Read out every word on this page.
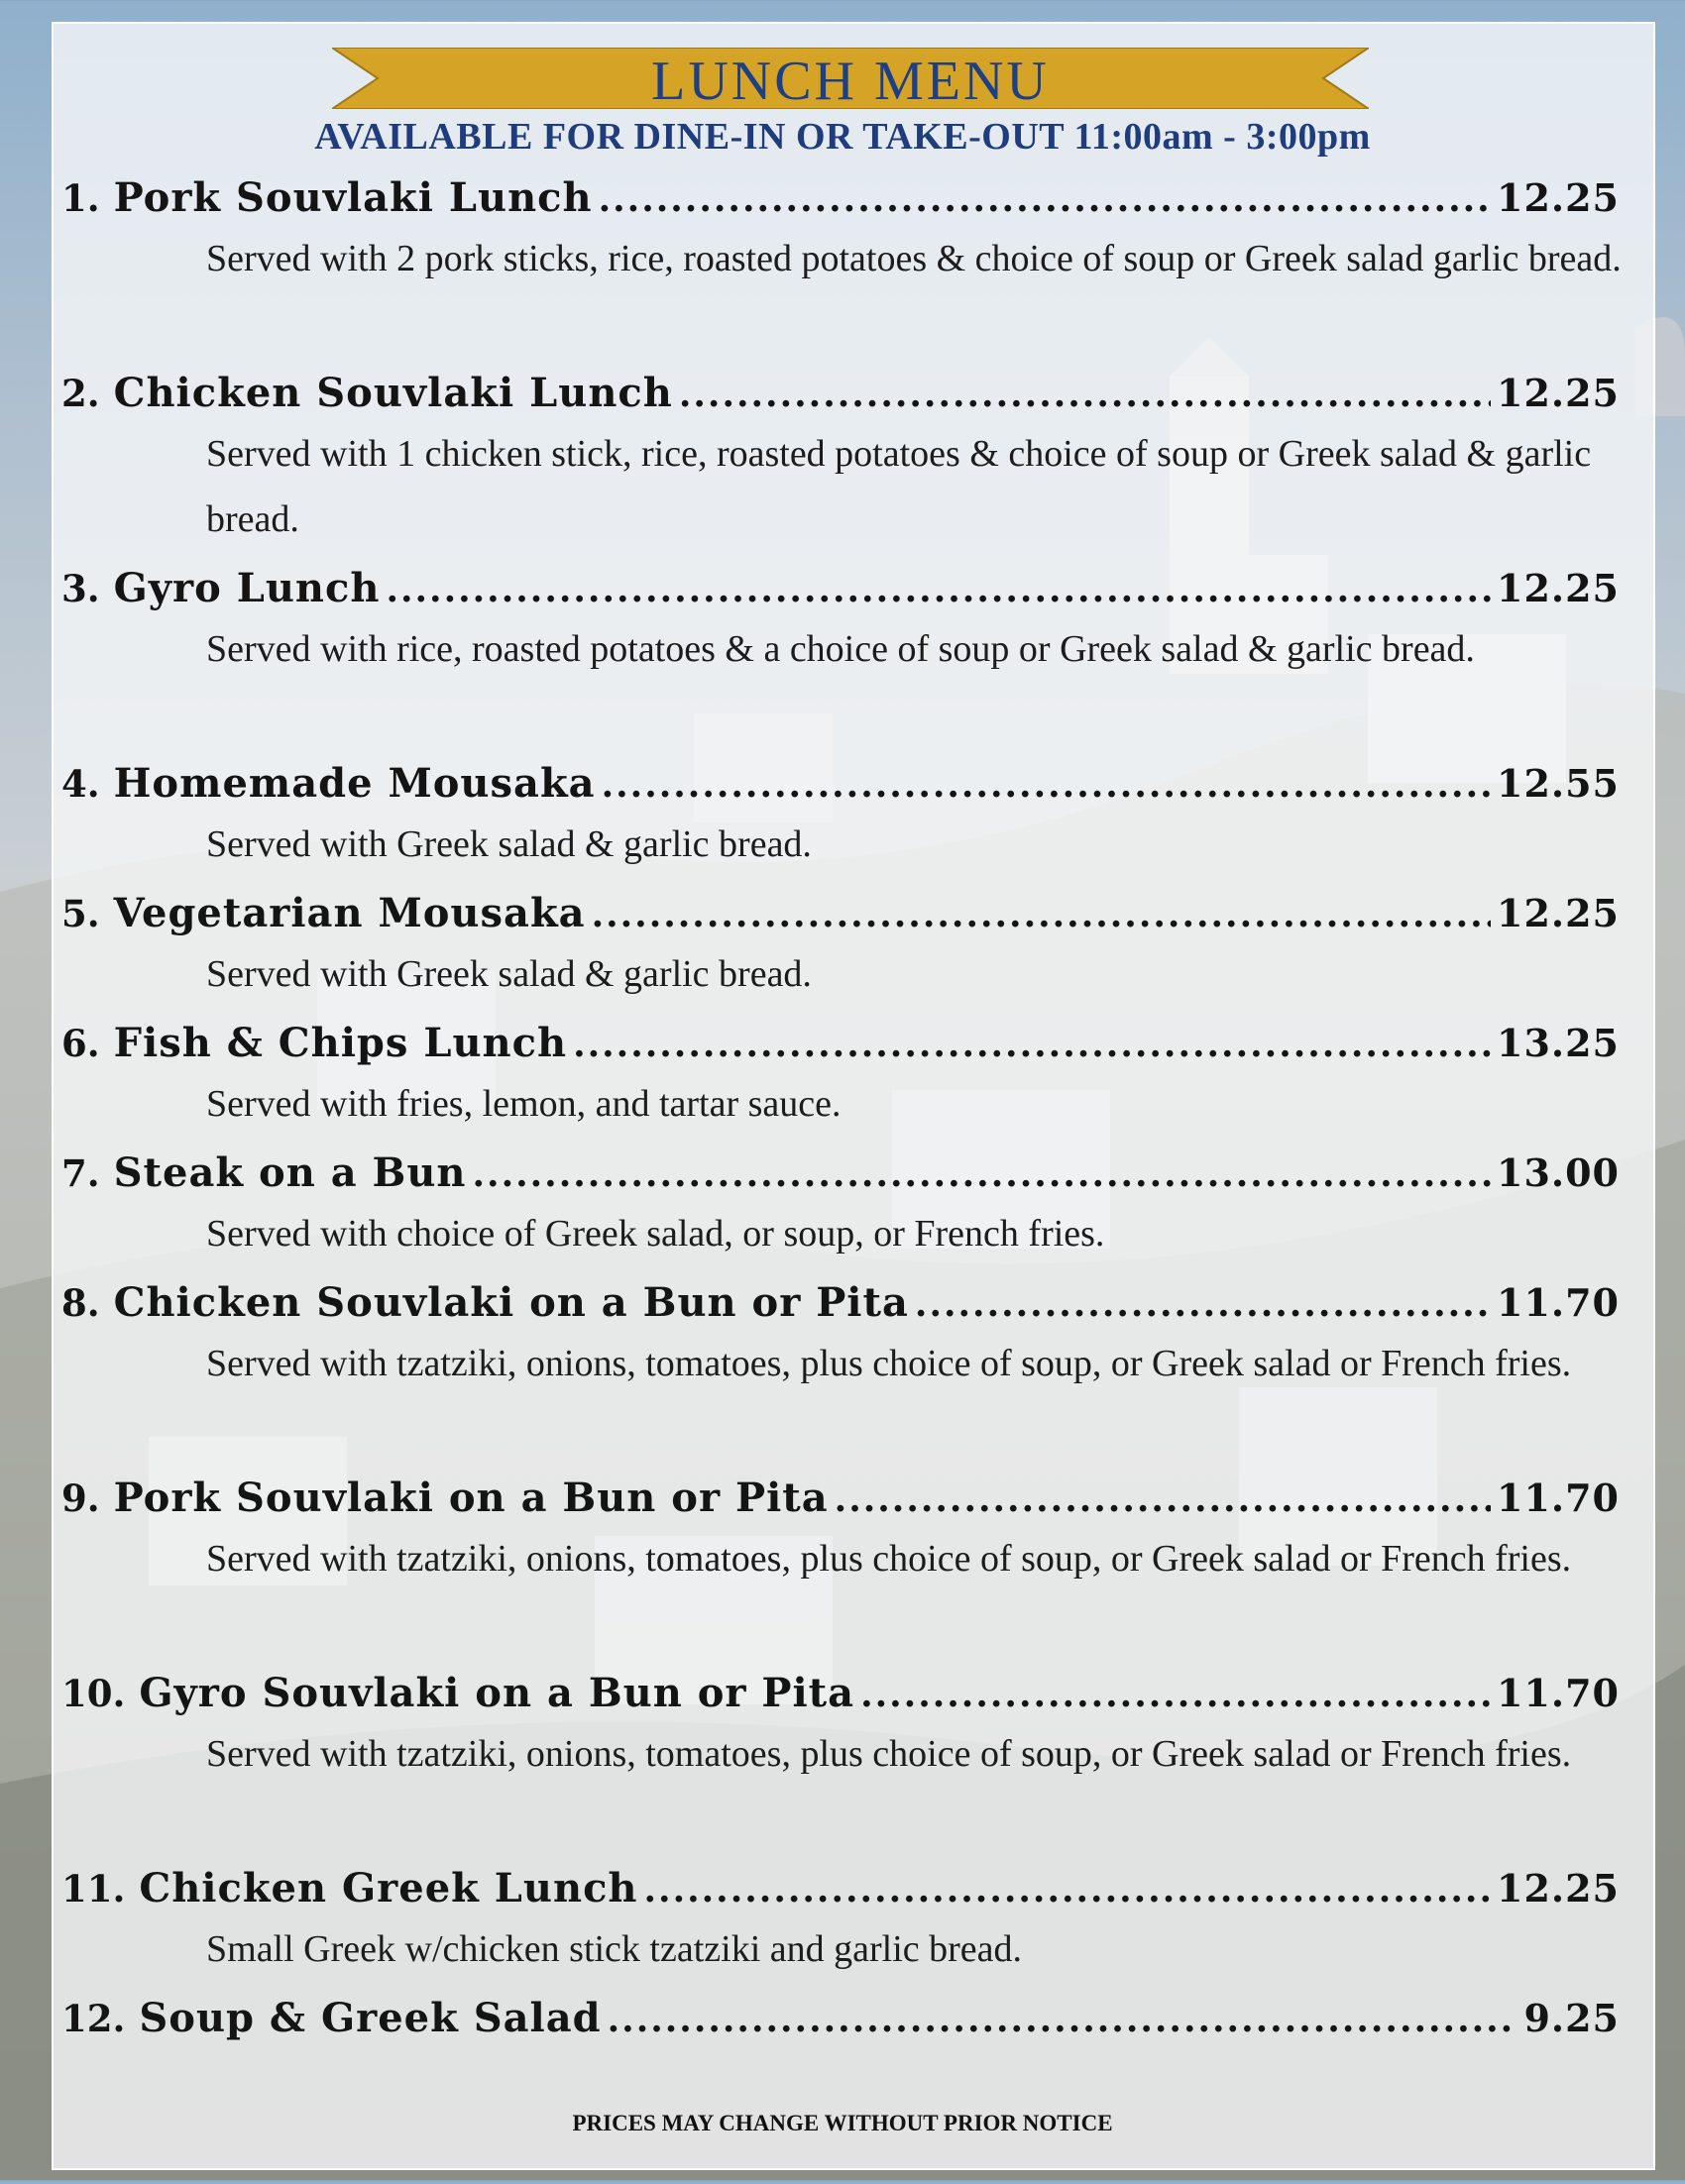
LUNCH MENU
AVAILABLE FOR DINE-IN OR TAKE-OUT 11:00am - 3:00pm
1. Pork Souvlaki Lunch .....	12.25
Served with 2 pork sticks, rice, roasted potatoes & choice of soup or Greek salad garlic bread.
2. Chicken Souvlaki Lunch .....	12.25
Served with 1 chicken stick, rice, roasted potatoes & choice of soup or Greek salad & garlic bread.
3. Gyro Lunch .....	12.25
Served with rice, roasted potatoes & a choice of soup or Greek salad & garlic bread.
4. Homemade Mousaka .....	12.55
Served with Greek salad & garlic bread.
5. Vegetarian Mousaka .....	12.25
Served with Greek salad & garlic bread.
6. Fish & Chips Lunch .....	13.25
Served with fries, lemon, and tartar sauce.
7. Steak on a Bun .....	13.00
Served with choice of Greek salad, or soup, or French fries.
8. Chicken Souvlaki on a Bun or Pita .....	11.70
Served with tzatziki, onions, tomatoes, plus choice of soup, or Greek salad or French fries.
9. Pork Souvlaki on a Bun or Pita .....	11.70
Served with tzatziki, onions, tomatoes, plus choice of soup, or Greek salad or French fries.
10. Gyro Souvlaki on a Bun or Pita .....	11.70
Served with tzatziki, onions, tomatoes, plus choice of soup, or Greek salad or French fries.
11. Chicken Greek Lunch .....	12.25
Small Greek w/chicken stick tzatziki and garlic bread.
12. Soup & Greek Salad .....	9.25
PRICES MAY CHANGE WITHOUT PRIOR NOTICE
